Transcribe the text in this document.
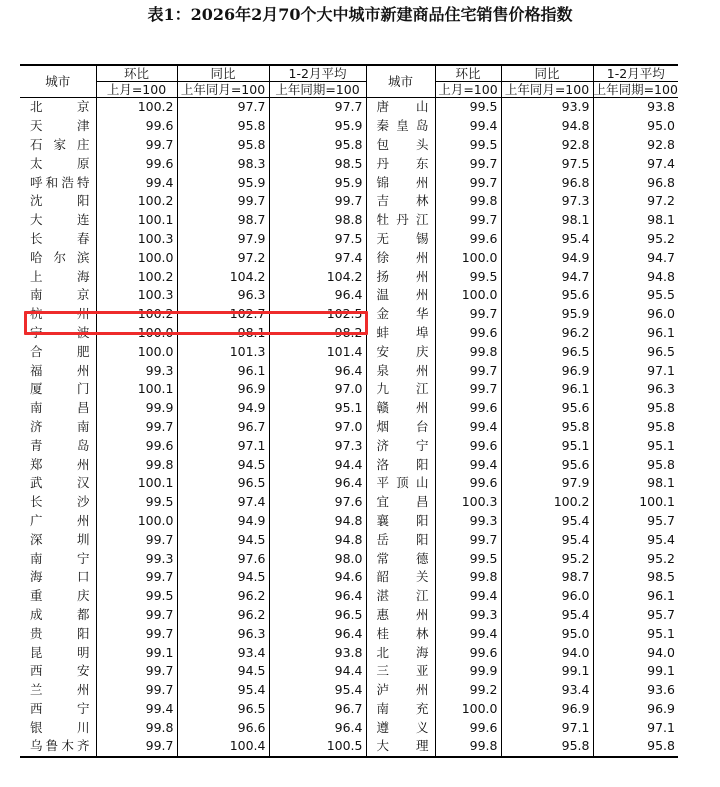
表1：2026年2月70个大中城市新建商品住宅销售价格指数
城市	环比	同比	1-2月平均	城市	环比	同比	1-2月平均
	上月=100	上年同月=100	上年同期=100		上月=100	上年同月=100	上年同期=100
北京	100.2	97.7	97.7	唐山	99.5	93.9	93.8
天津	99.6	95.8	95.9	秦皇岛	99.4	94.8	95.0
石家庄	99.7	95.8	95.8	包头	99.5	92.8	92.8
太原	99.6	98.3	98.5	丹东	99.7	97.5	97.4
呼和浩特	99.4	95.9	95.9	锦州	99.7	96.8	96.8
沈阳	100.2	99.7	99.7	吉林	99.8	97.3	97.2
大连	100.1	98.7	98.8	牡丹江	99.7	98.1	98.1
长春	100.3	97.9	97.5	无锡	99.6	95.4	95.2
哈尔滨	100.0	97.2	97.4	徐州	100.0	94.9	94.7
上海	100.2	104.2	104.2	扬州	99.5	94.7	94.8
南京	100.3	96.3	96.4	温州	100.0	95.6	95.5
杭州	100.2	102.7	102.5	金华	99.7	95.9	96.0
宁波	100.0	98.1	98.2	蚌埠	99.6	96.2	96.1
合肥	100.0	101.3	101.4	安庆	99.8	96.5	96.5
福州	99.3	96.1	96.4	泉州	99.7	96.9	97.1
厦门	100.1	96.9	97.0	九江	99.7	96.1	96.3
南昌	99.9	94.9	95.1	赣州	99.6	95.6	95.8
济南	99.7	96.7	97.0	烟台	99.4	95.8	95.8
青岛	99.6	97.1	97.3	济宁	99.6	95.1	95.1
郑州	99.8	94.5	94.4	洛阳	99.4	95.6	95.8
武汉	100.1	96.5	96.4	平顶山	99.6	97.9	98.1
长沙	99.5	97.4	97.6	宜昌	100.3	100.2	100.1
广州	100.0	94.9	94.8	襄阳	99.3	95.4	95.7
深圳	99.7	94.5	94.8	岳阳	99.7	95.4	95.4
南宁	99.3	97.6	98.0	常德	99.5	95.2	95.2
海口	99.7	94.5	94.6	韶关	99.8	98.7	98.5
重庆	99.5	96.2	96.4	湛江	99.4	96.0	96.1
成都	99.7	96.2	96.5	惠州	99.3	95.4	95.7
贵阳	99.7	96.3	96.4	桂林	99.4	95.0	95.1
昆明	99.1	93.4	93.8	北海	99.6	94.0	94.0
西安	99.7	94.5	94.4	三亚	99.9	99.1	99.1
兰州	99.7	95.4	95.4	泸州	99.2	93.4	93.6
西宁	99.4	96.5	96.7	南充	100.0	96.9	96.9
银川	99.8	96.6	96.4	遵义	99.6	97.1	97.1
乌鲁木齐	99.7	100.4	100.5	大理	99.8	95.8	95.8
